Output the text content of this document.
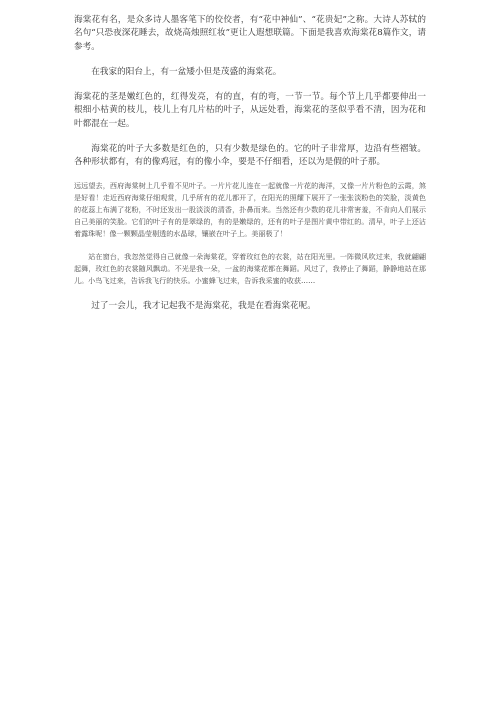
海棠花有名，是众多诗人墨客笔下的佼佼者，有“花中神仙”、“花贵妃”之称。大诗人苏轼的名句“只恐夜深花睡去，故烧高烛照红妆”更让人遐想联篇。下面是我喜欢海棠花8篇作文，请参考。

在我家的阳台上，有一盆矮小但是茂盛的海棠花。

海棠花的茎是嫩红色的，红得发亮，有的直，有的弯，一节一节。每个节上几乎都要伸出一根细小枯黄的枝儿，枝儿上有几片枯的叶子，从远处看，海棠花的茎似乎看不清，因为花和叶都混在一起。

海棠花的叶子大多数是红色的，只有少数是绿色的。它的叶子非常厚，边沿有些褶皱。各种形状都有，有的像鸡冠，有的像小伞，要是不仔细看，还以为是假的叶子那。

远远望去，西府海棠树上几乎看不见叶子。一片片花儿连在一起就像一片花的海洋，又像一片片粉色的云霞，煞是好看！走近西府海棠仔细观赏，几乎所有的花儿都开了，在阳光的照耀下展开了一张张淡粉色的笑脸，淡黄色的花蕊上布满了花粉，不时还发出一股淡淡的清香，扑鼻而来。当然还有少数的花儿非常害羞，不肯向人们展示自己美丽的笑脸。它们的叶子有的是翠绿的，有的是嫩绿的，还有的叶子是图片黄中带红的。清早，叶子上还沾着露珠呢！像一颗颗晶莹剔透的水晶球，镶嵌在叶子上。美丽极了！

站在窗台，我忽然觉得自己就像一朵海棠花，穿着玫红色的衣裳，站在阳光里。一阵微风吹过来，我就翩翩起舞，玫红色的衣裳随风飘动。不光是我一朵，一盆的海棠花都在舞蹈。风过了，我停止了舞蹈，静静地站在那儿。小鸟飞过来，告诉我飞行的快乐。小蜜蜂飞过来，告诉我采蜜的收获……

过了一会儿，我才记起我不是海棠花，我是在看海棠花呢。
